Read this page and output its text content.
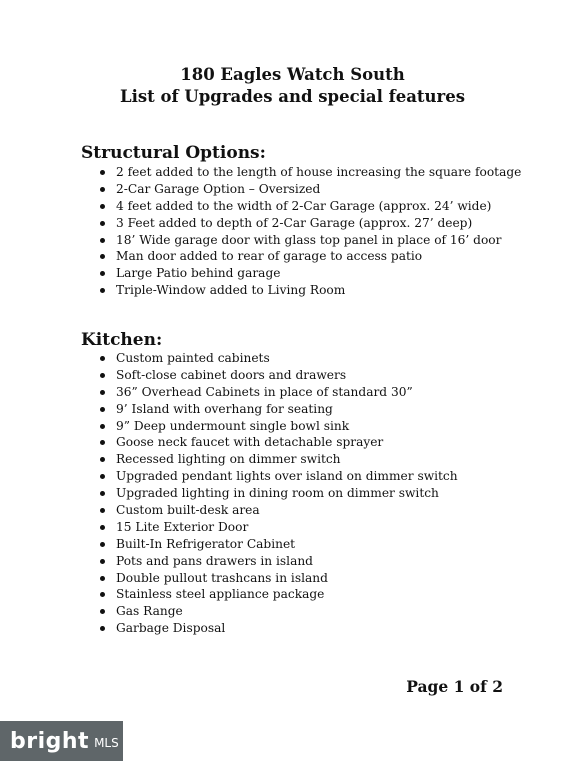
180 Eagles Watch South
List of Upgrades and special features
Structural Options:
2 feet added to the length of house increasing the square footage
2-Car Garage Option – Oversized
4 feet added to the width of 2-Car Garage (approx. 24’ wide)
3 Feet added to depth of 2-Car Garage (approx. 27’ deep)
18’ Wide garage door with glass top panel in place of 16’ door
Man door added to rear of garage to access patio
Large Patio behind garage
Triple-Window added to Living Room
Kitchen:
Custom painted cabinets
Soft-close cabinet doors and drawers
36” Overhead Cabinets in place of standard 30”
9’ Island with overhang for seating
9” Deep undermount single bowl sink
Goose neck faucet with detachable sprayer
Recessed lighting on dimmer switch
Upgraded pendant lights over island on dimmer switch
Upgraded lighting in dining room on dimmer switch
Custom built-desk area
15 Lite Exterior Door
Built-In Refrigerator Cabinet
Pots and pans drawers in island
Double pullout trashcans in island
Stainless steel appliance package
Gas Range
Garbage Disposal
Page 1 of 2
bright MLS
